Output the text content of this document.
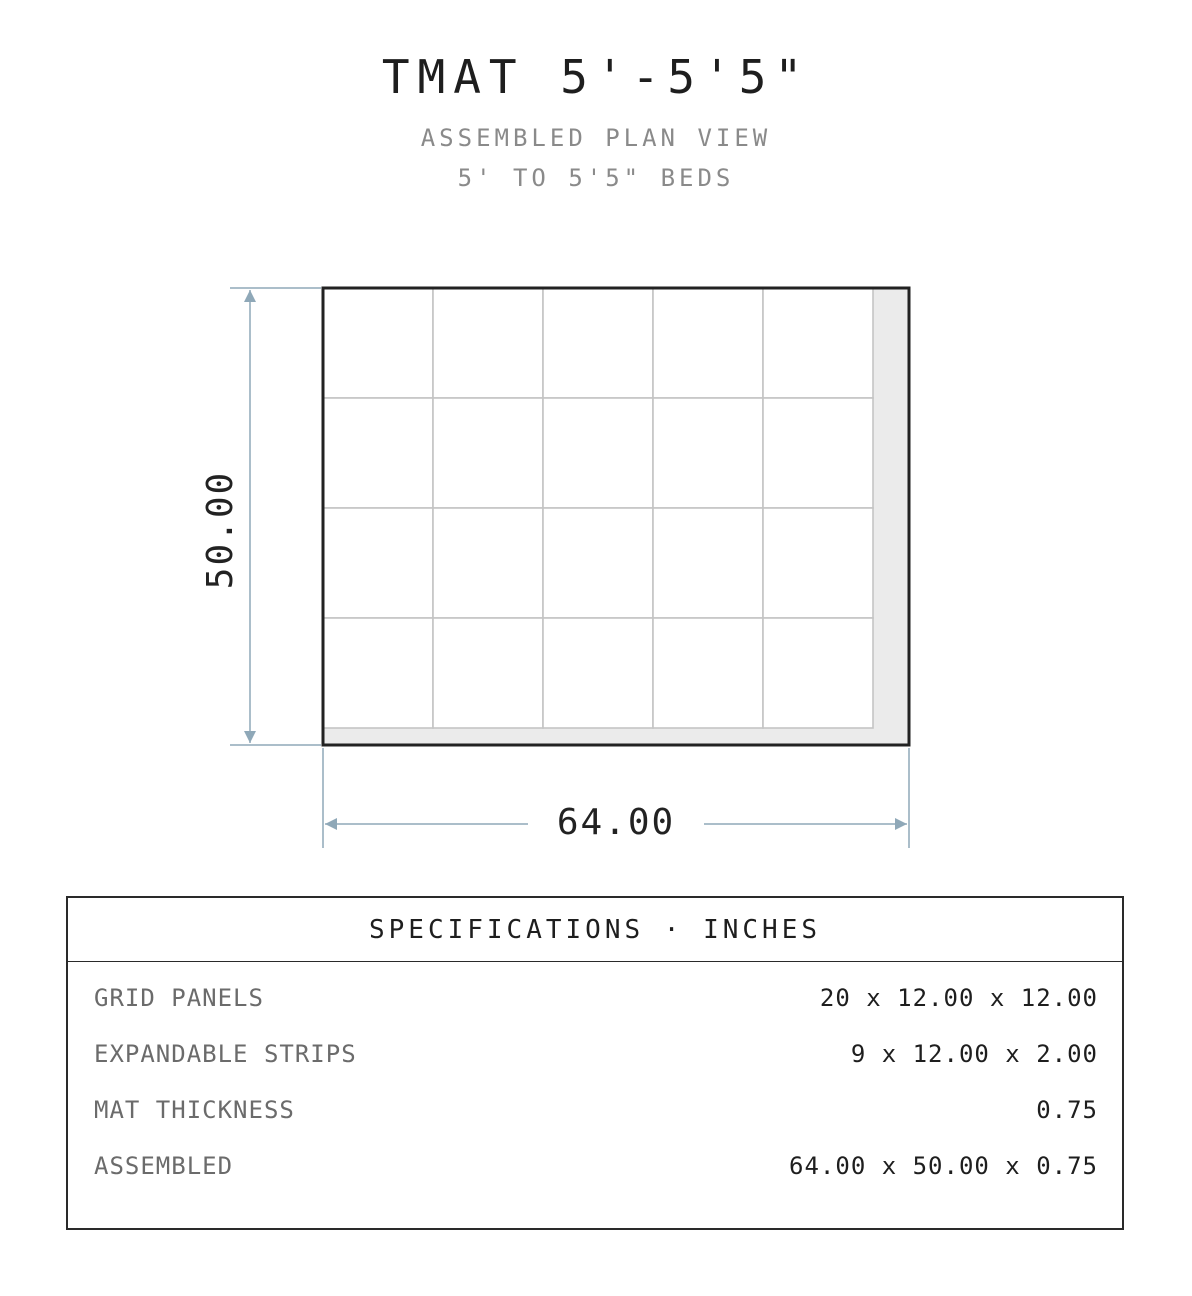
TMAT 5'-5'5"
ASSEMBLED PLAN VIEW
5' TO 5'5" BEDS
50.00
64.00
SPECIFICATIONS · INCHES
GRID PANELS	20 x 12.00 x 12.00
EXPANDABLE STRIPS	9 x 12.00 x 2.00
MAT THICKNESS	0.75
ASSEMBLED	64.00 x 50.00 x 0.75
